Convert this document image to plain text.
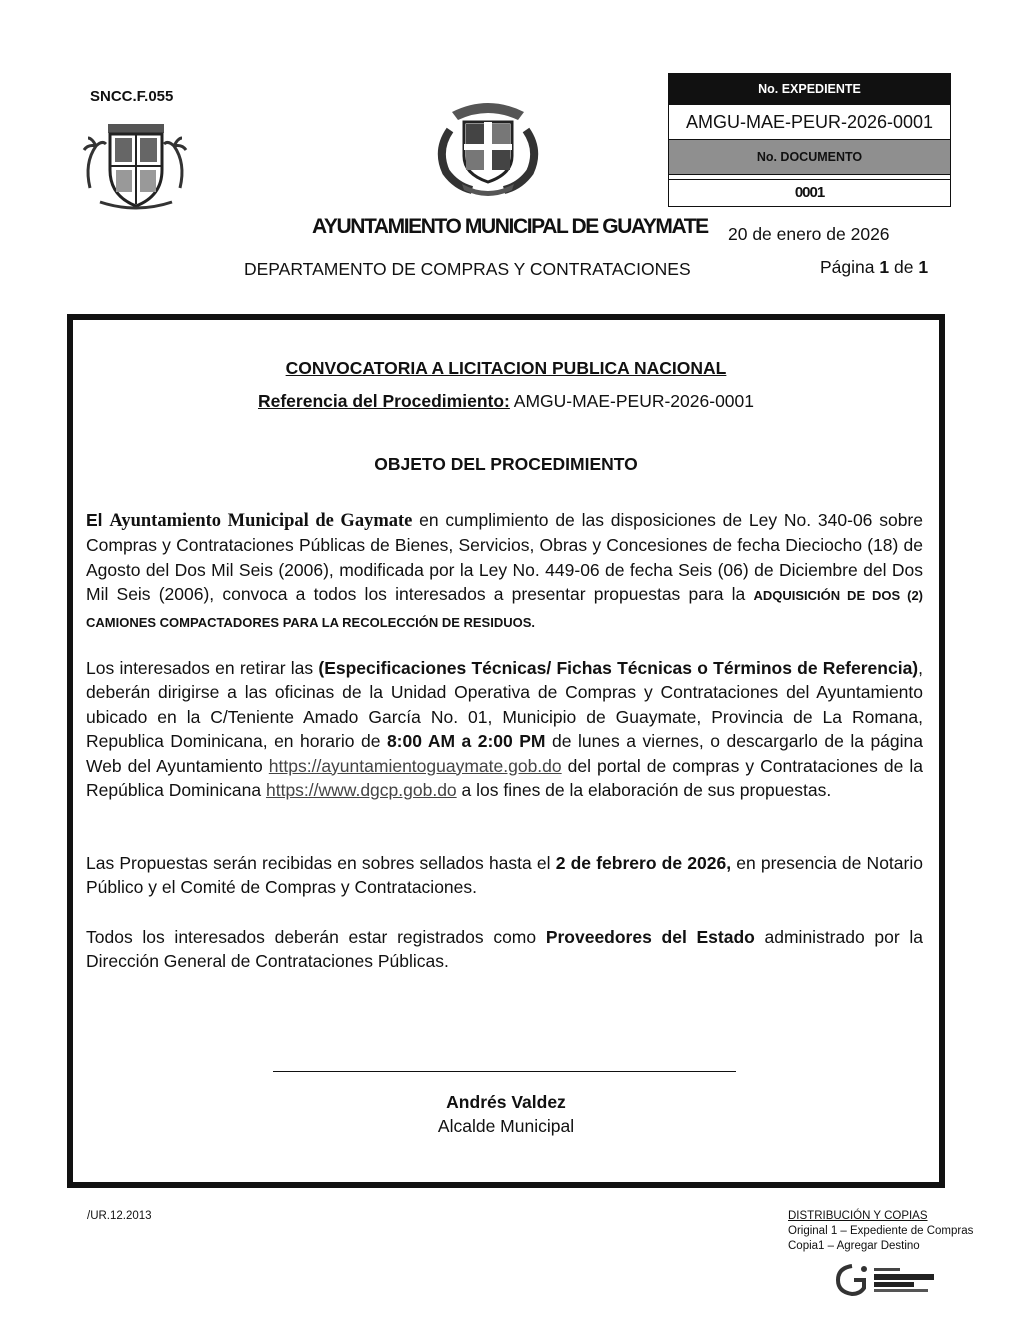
SNCC.F.055
AYUNTAMIENTO MUNICIPAL DE GUAYMATE
DEPARTAMENTO DE COMPRAS Y CONTRATACIONES
20 de enero de 2026
Página 1 de 1
No. EXPEDIENTE
AMGU-MAE-PEUR-2026-0001
No. DOCUMENTO
0001
CONVOCATORIA A LICITACION PUBLICA NACIONAL
Referencia del Procedimiento: AMGU-MAE-PEUR-2026-0001
OBJETO DEL PROCEDIMIENTO
El Ayuntamiento Municipal de Gaymate en cumplimiento de las disposiciones de Ley No. 340-06 sobre Compras y Contrataciones Públicas de Bienes, Servicios, Obras y Concesiones de fecha Dieciocho (18) de Agosto del Dos Mil Seis (2006), modificada por la Ley No. 449-06 de fecha Seis (06) de Diciembre del Dos Mil Seis (2006), convoca a todos los interesados a presentar propuestas para la ADQUISICIÓN DE DOS (2) CAMIONES COMPACTADORES PARA LA RECOLECCIÓN DE RESIDUOS.
Los interesados en retirar las (Especificaciones Técnicas/ Fichas Técnicas o Términos de Referencia), deberán dirigirse a las oficinas de la Unidad Operativa de Compras y Contrataciones del Ayuntamiento ubicado en la C/Teniente Amado García No. 01, Municipio de Guaymate, Provincia de La Romana, Republica Dominicana, en horario de 8:00 AM a 2:00 PM de lunes a viernes, o descargarlo de la página Web del Ayuntamiento https://ayuntamientoguaymate.gob.do del portal de compras y Contrataciones de la República Dominicana https://www.dgcp.gob.do a los fines de la elaboración de sus propuestas.
Las Propuestas serán recibidas en sobres sellados hasta el 2 de febrero de 2026, en presencia de Notario Público y el Comité de Compras y Contrataciones.
Todos los interesados deberán estar registrados como Proveedores del Estado administrado por la Dirección General de Contrataciones Públicas.
Andrés Valdez
Alcalde Municipal
/UR.12.2013	DISTRIBUCIÓN Y COPIAS
Original 1 – Expediente de Compras
Copia1 – Agregar Destino
